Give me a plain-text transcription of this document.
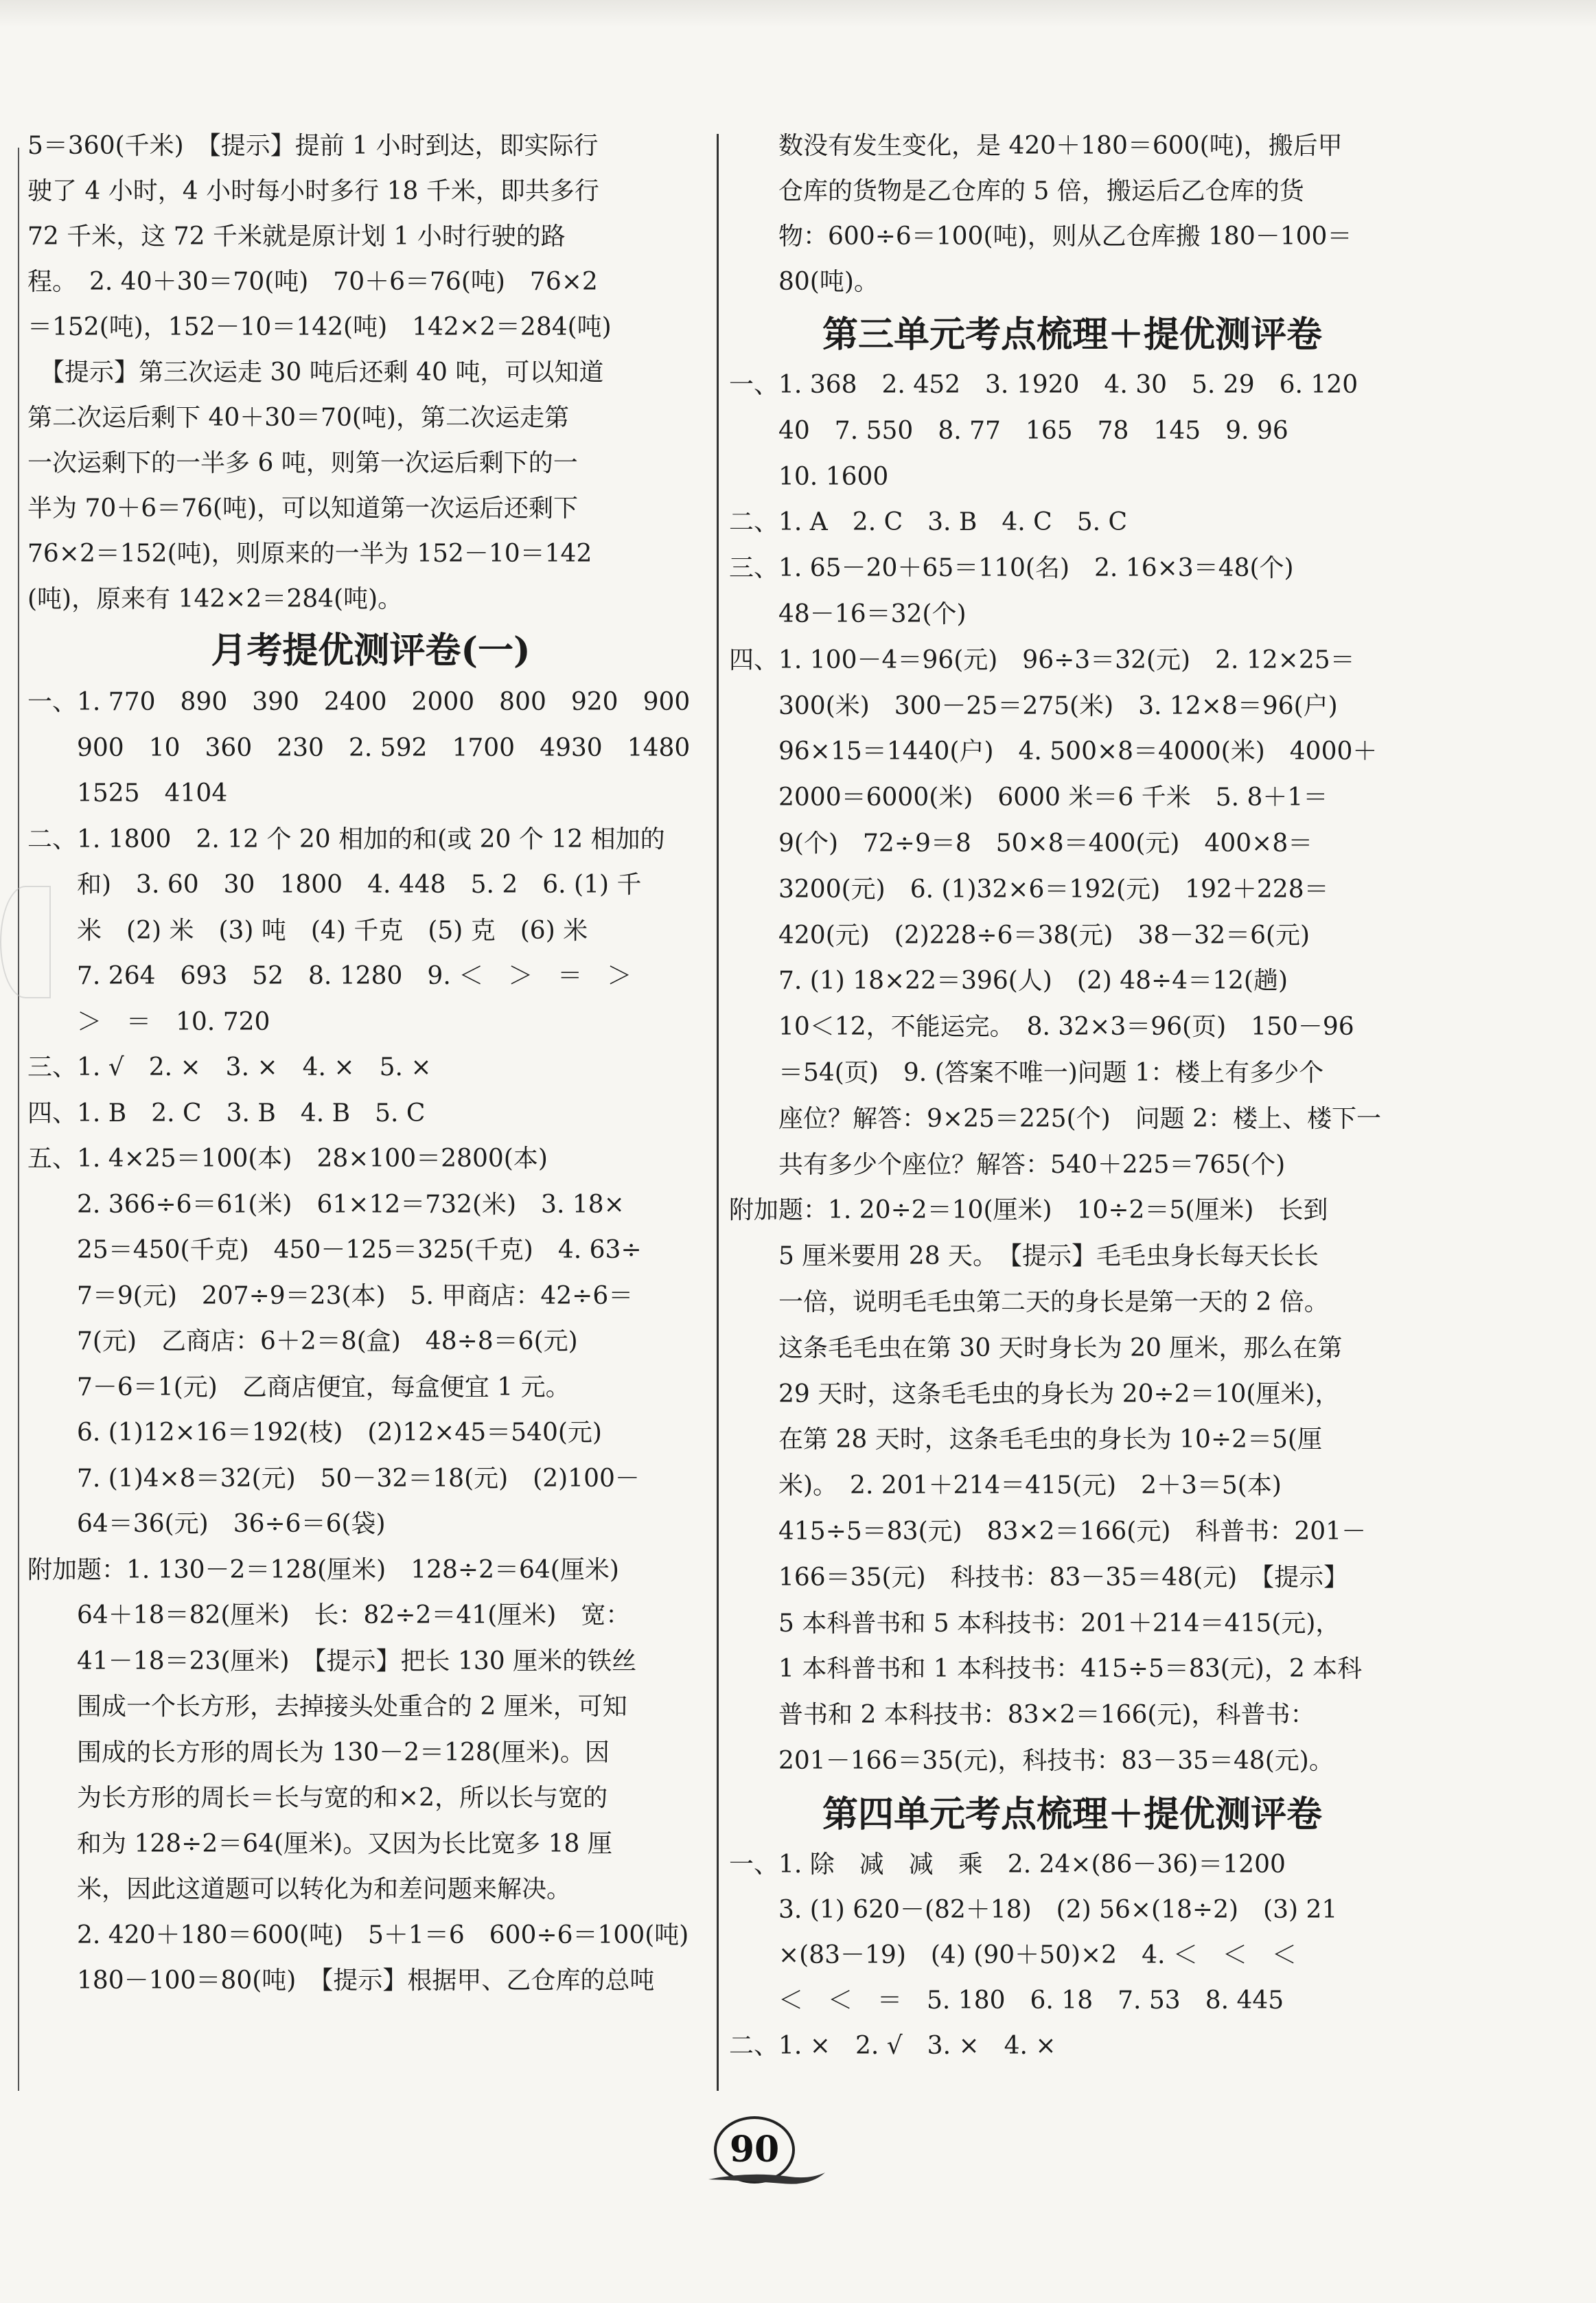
5＝360(千米)　【提示】提前 1 小时到达，即实际行
驶了 4 小时，4 小时每小时多行 18 千米，即共多行
72 千米，这 72 千米就是原计划 1 小时行驶的路
程。　2. 40＋30＝70(吨)　70＋6＝76(吨)　76×2
＝152(吨)，152－10＝142(吨)　142×2＝284(吨)
　【提示】第三次运走 30 吨后还剩 40 吨，可以知道
第二次运后剩下 40＋30＝70(吨)，第二次运走第
一次运剩下的一半多 6 吨，则第一次运后剩下的一
半为 70＋6＝76(吨)，可以知道第一次运后还剩下
76×2＝152(吨)，则原来的一半为 152－10＝142
(吨)，原来有 142×2＝284(吨)。
月考提优测评卷(一)
一、1. 770　890　390　2400　2000　800　920　900
　　900　10　360　230　2. 592　1700　4930　1480
　　1525　4104
二、1. 1800　2. 12 个 20 相加的和(或 20 个 12 相加的
　　和)　3. 60　30　1800　4. 448　5. 2　6. (1) 千
　　米　(2) 米　(3) 吨　(4) 千克　(5) 克　(6) 米
　　7. 264　693　52　8. 1280　9. ＜　＞　＝　＞
　　＞　＝　10. 720
三、1. √　2. ×　3. ×　4. ×　5. ×
四、1. B　2. C　3. B　4. B　5. C
五、1. 4×25＝100(本)　28×100＝2800(本)
　　2. 366÷6＝61(米)　61×12＝732(米)　3. 18×
　　25＝450(千克)　450－125＝325(千克)　4. 63÷
　　7＝9(元)　207÷9＝23(本)　5. 甲商店：42÷6＝
　　7(元)　乙商店：6＋2＝8(盒)　48÷8＝6(元)
　　7－6＝1(元)　乙商店便宜，每盒便宜 1 元。
　　6. (1)12×16＝192(枝)　(2)12×45＝540(元)
　　7. (1)4×8＝32(元)　50－32＝18(元)　(2)100－
　　64＝36(元)　36÷6＝6(袋)
附加题：1. 130－2＝128(厘米)　128÷2＝64(厘米)
　　64＋18＝82(厘米)　长：82÷2＝41(厘米)　宽：
　　41－18＝23(厘米)　【提示】把长 130 厘米的铁丝
　　围成一个长方形，去掉接头处重合的 2 厘米，可知
　　围成的长方形的周长为 130－2＝128(厘米)。因
　　为长方形的周长＝长与宽的和×2，所以长与宽的
　　和为 128÷2＝64(厘米)。又因为长比宽多 18 厘
　　米，因此这道题可以转化为和差问题来解决。
　　2. 420＋180＝600(吨)　5＋1＝6　600÷6＝100(吨)
　　180－100＝80(吨)　【提示】根据甲、乙仓库的总吨
　　数没有发生变化，是 420＋180＝600(吨)，搬后甲
　　仓库的货物是乙仓库的 5 倍，搬运后乙仓库的货
　　物：600÷6＝100(吨)，则从乙仓库搬 180－100＝
　　80(吨)。
第三单元考点梳理＋提优测评卷
一、1. 368　2. 452　3. 1920　4. 30　5. 29　6. 120
　　40　7. 550　8. 77　165　78　145　9. 96
　　10. 1600
二、1. A　2. C　3. B　4. C　5. C
三、1. 65－20＋65＝110(名)　2. 16×3＝48(个)
　　48－16＝32(个)
四、1. 100－4＝96(元)　96÷3＝32(元)　2. 12×25＝
　　300(米)　300－25＝275(米)　3. 12×8＝96(户)
　　96×15＝1440(户)　4. 500×8＝4000(米)　4000＋
　　2000＝6000(米)　6000 米＝6 千米　5. 8＋1＝
　　9(个)　72÷9＝8　50×8＝400(元)　400×8＝
　　3200(元)　6. (1)32×6＝192(元)　192＋228＝
　　420(元)　(2)228÷6＝38(元)　38－32＝6(元)
　　7. (1) 18×22＝396(人)　(2) 48÷4＝12(趟)
　　10＜12，不能运完。　8. 32×3＝96(页)　150－96
　　＝54(页)　9. (答案不唯一)问题 1：楼上有多少个
　　座位？解答：9×25＝225(个)　问题 2：楼上、楼下一
　　共有多少个座位？解答：540＋225＝765(个)
附加题：1. 20÷2＝10(厘米)　10÷2＝5(厘米)　长到
　　5 厘米要用 28 天。　【提示】毛毛虫身长每天长长
　　一倍，说明毛毛虫第二天的身长是第一天的 2 倍。
　　这条毛毛虫在第 30 天时身长为 20 厘米，那么在第
　　29 天时，这条毛毛虫的身长为 20÷2＝10(厘米)，
　　在第 28 天时，这条毛毛虫的身长为 10÷2＝5(厘
　　米)。　2. 201＋214＝415(元)　2＋3＝5(本)
　　415÷5＝83(元)　83×2＝166(元)　科普书：201－
　　166＝35(元)　科技书：83－35＝48(元)　【提示】
　　5 本科普书和 5 本科技书：201＋214＝415(元)，
　　1 本科普书和 1 本科技书：415÷5＝83(元)，2 本科
　　普书和 2 本科技书：83×2＝166(元)，科普书：
　　201－166＝35(元)，科技书：83－35＝48(元)。
第四单元考点梳理＋提优测评卷
一、1. 除　减　减　乘　2. 24×(86－36)＝1200
　　3. (1) 620－(82＋18)　(2) 56×(18÷2)　(3) 21
　　×(83－19)　(4) (90＋50)×2　4. ＜　＜　＜
　　＜　＜　＝　5. 180　6. 18　7. 53　8. 445
二、1. ×　2. √　3. ×　4. ×
90
